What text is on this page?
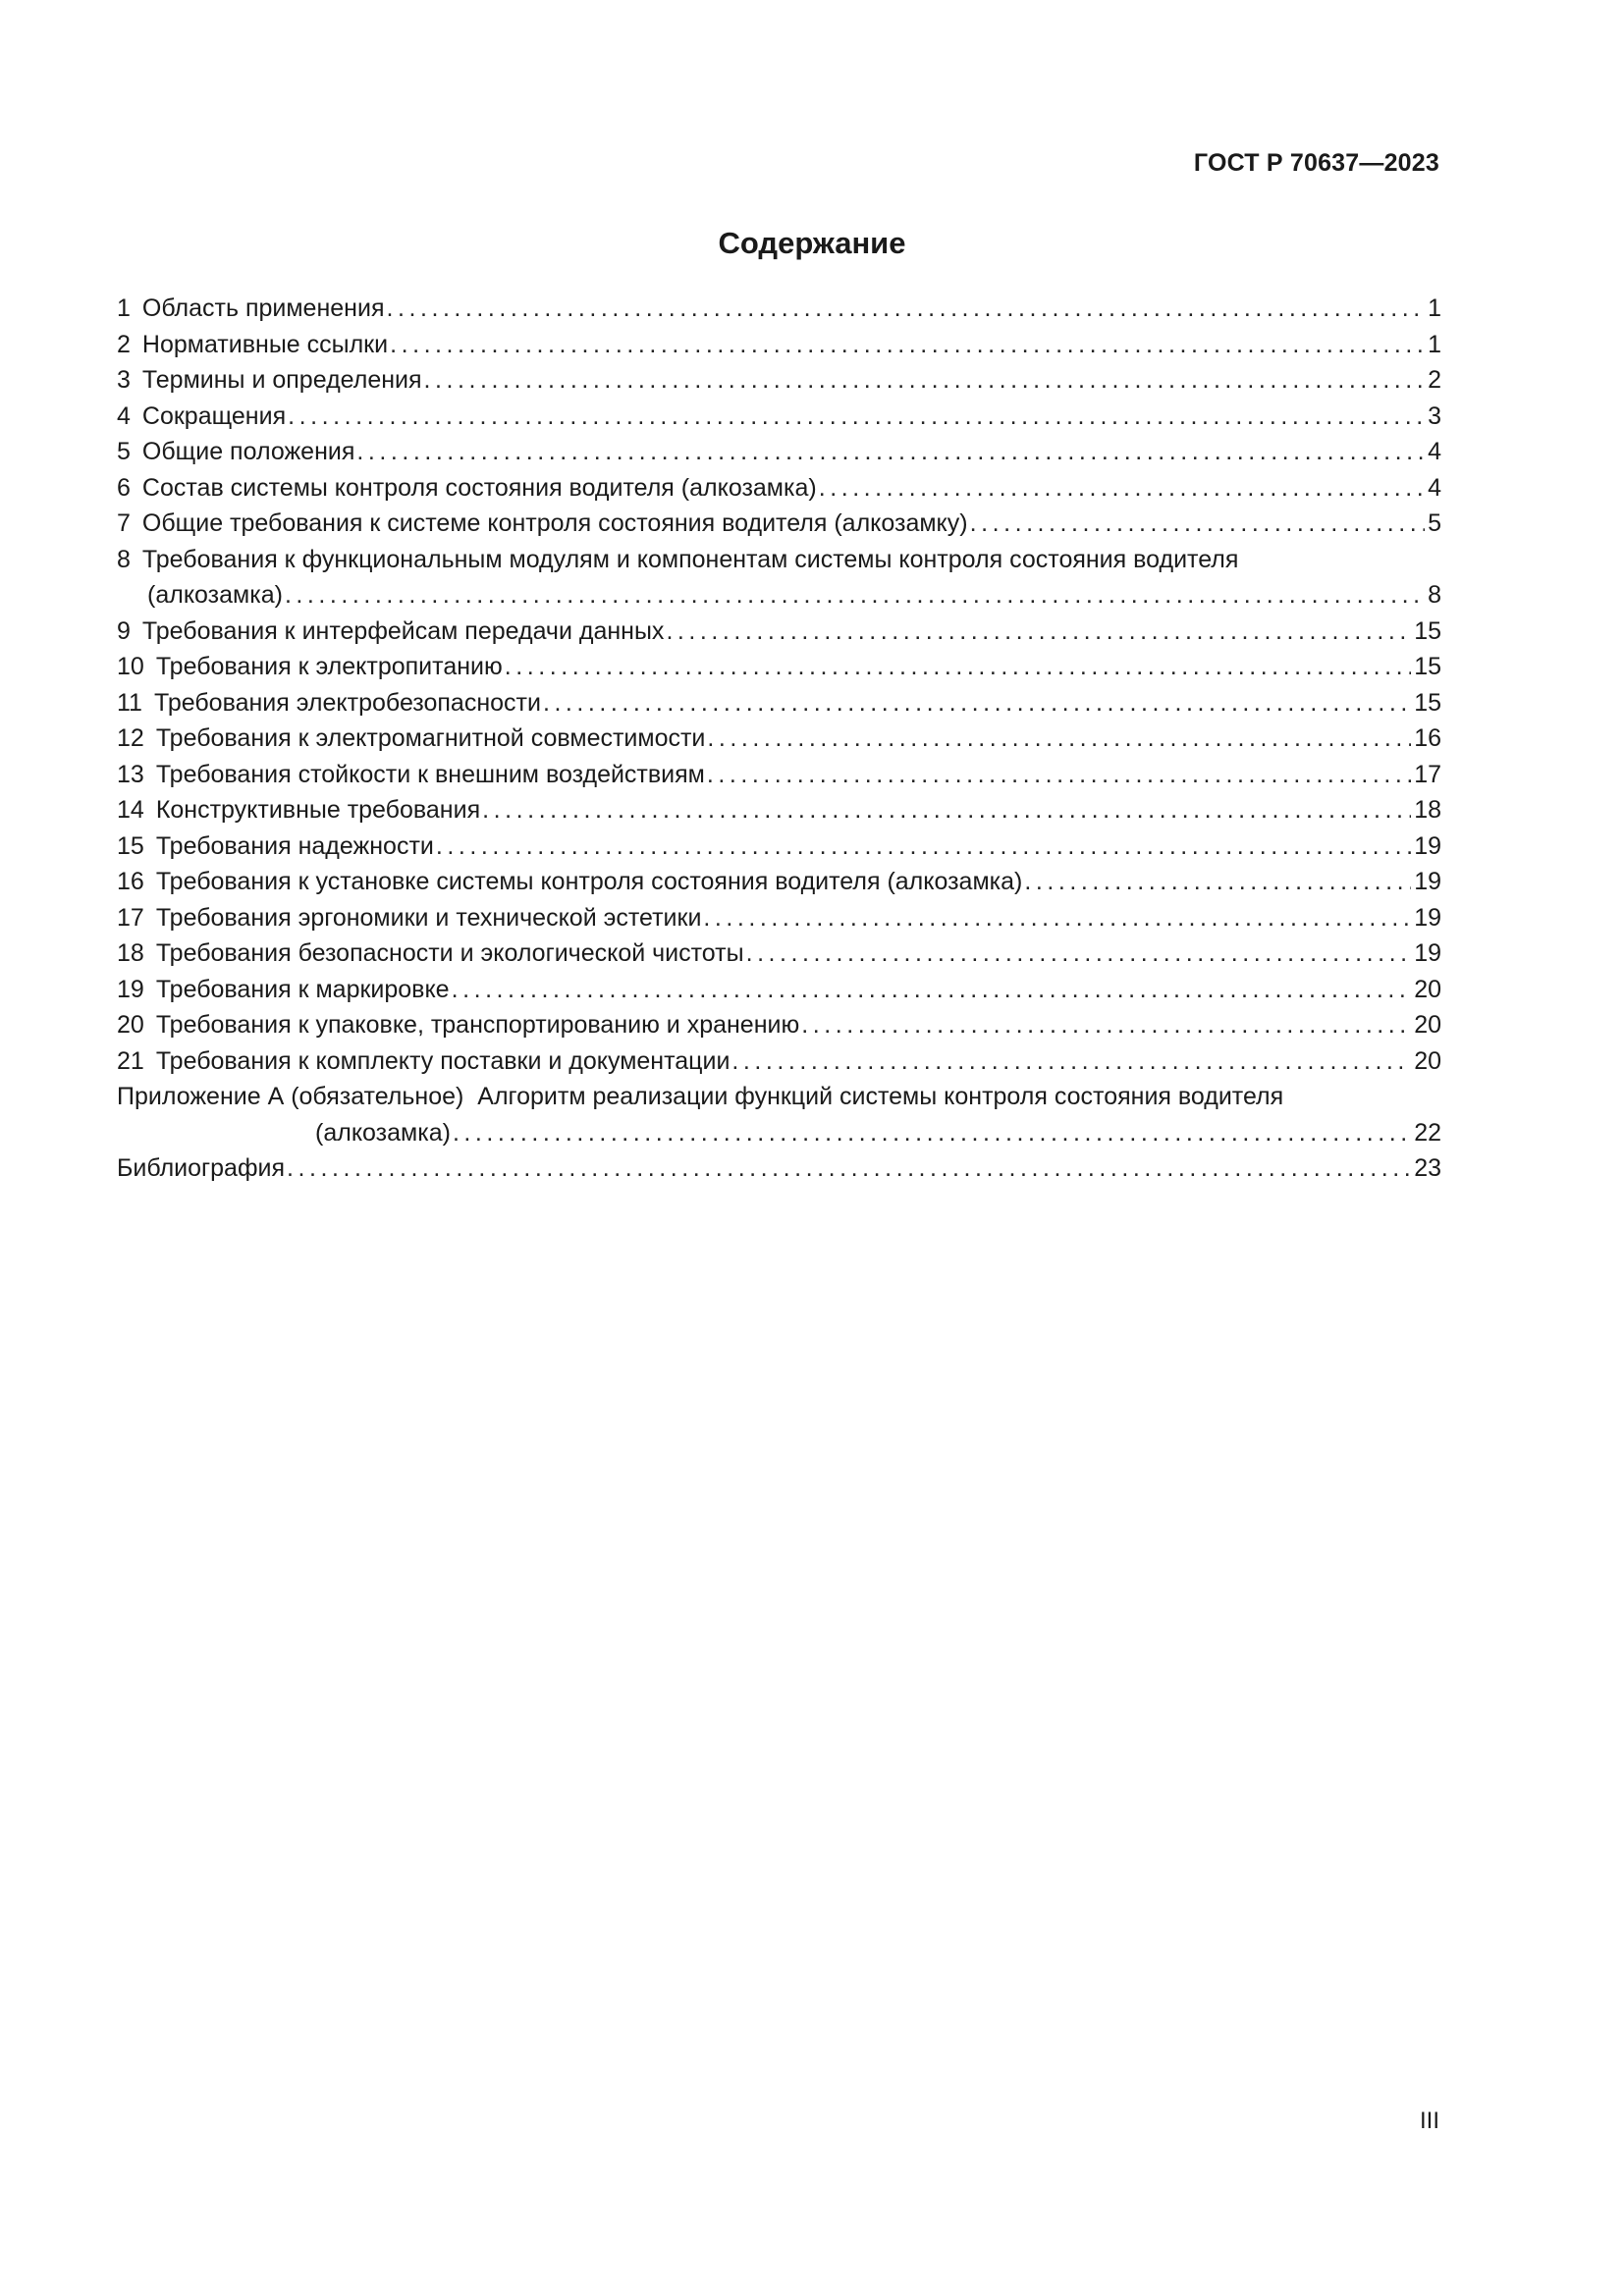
ГОСТ Р 70637—2023
Содержание
1 Область применения . . .	1
2 Нормативные ссылки . . .	1
3 Термины и определения . . .	2
4 Сокращения . . .	3
5 Общие положения . . .	4
6 Состав системы контроля состояния водителя (алкозамка) . . .	4
7 Общие требования к системе контроля состояния водителя (алкозамку) . . .	5
8 Требования к функциональным модулям и компонентам системы контроля состояния водителя
(алкозамка) . . .	8
9 Требования к интерфейсам передачи данных . . .	15
10 Требования к электропитанию . . .	15
11 Требования электробезопасности . . .	15
12 Требования к электромагнитной совместимости . . .	16
13 Требования стойкости к внешним воздействиям . . .	17
14 Конструктивные требования . . .	18
15 Требования надежности . . .	19
16 Требования к установке системы контроля состояния водителя (алкозамка) . . .	19
17 Требования эргономики и технической эстетики . . .	19
18 Требования безопасности и экологической чистоты . . .	19
19 Требования к маркировке . . .	20
20 Требования к упаковке, транспортированию и хранению . . .	20
21 Требования к комплекту поставки и документации . . .	20
Приложение А (обязательное) Алгоритм реализации функций системы контроля состояния водителя
(алкозамка) . . .	22
Библиография . . .	23
III
